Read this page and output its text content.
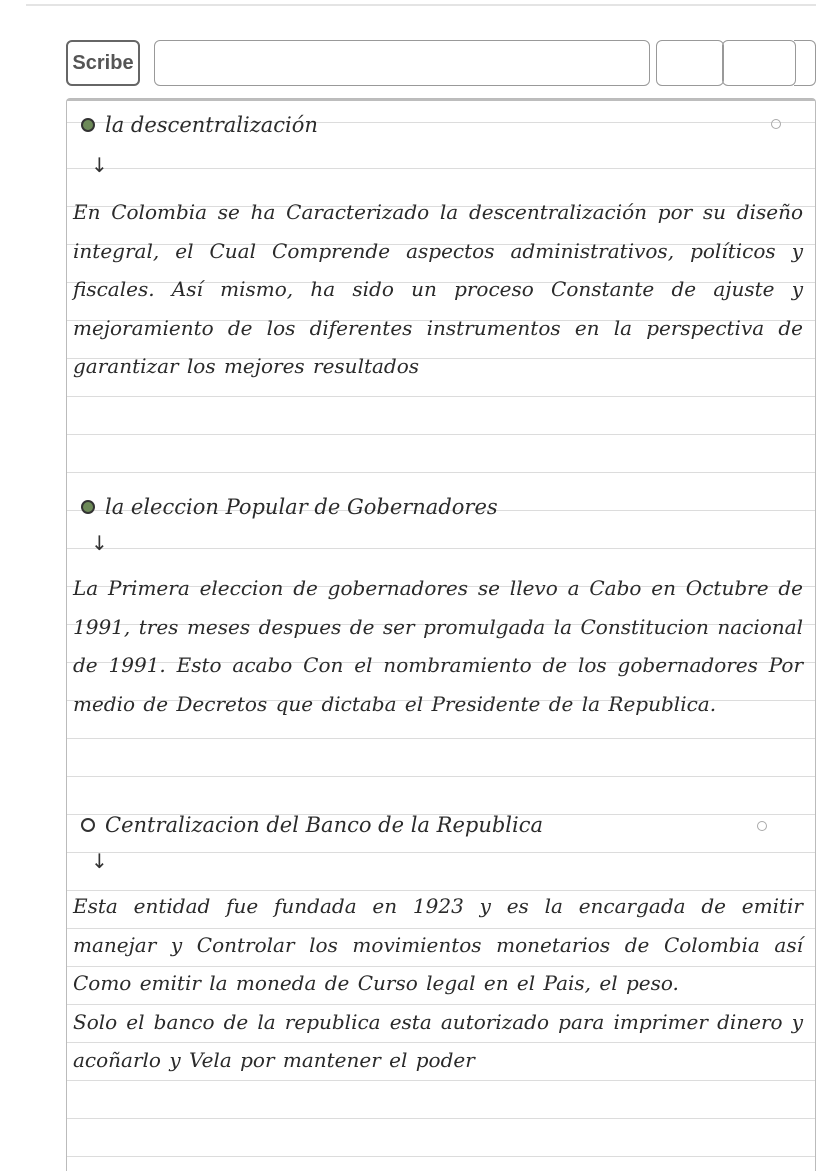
Scribe
la descentralización
↓

En Colombia se ha Caracterizado la descentralización por su diseño integral, el Cual Comprende aspectos administrativos, políticos y fiscales. Así mismo, ha sido un proceso Constante de ajuste y mejoramiento de los diferentes instrumentos en la perspectiva de garantizar los mejores resultados

la eleccion Popular de Gobernadores
↓

La Primera eleccion de gobernadores se llevo a Cabo en Octubre de 1991, tres meses despues de ser promulgada la Constitucion nacional de 1991. Esto acabo Con el nombramiento de los gobernadores Por medio de Decretos que dictaba el Presidente de la Republica.

Centralizacion del Banco de la Republica
↓

Esta entidad fue fundada en 1923 y es la encargada de emitir manejar y Controlar los movimientos monetarios de Colombia así Como emitir la moneda de Curso legal en el Pais, el peso.

Solo el banco de la republica esta autorizado para imprimer dinero y acoñarlo y Vela por mantener el poder
